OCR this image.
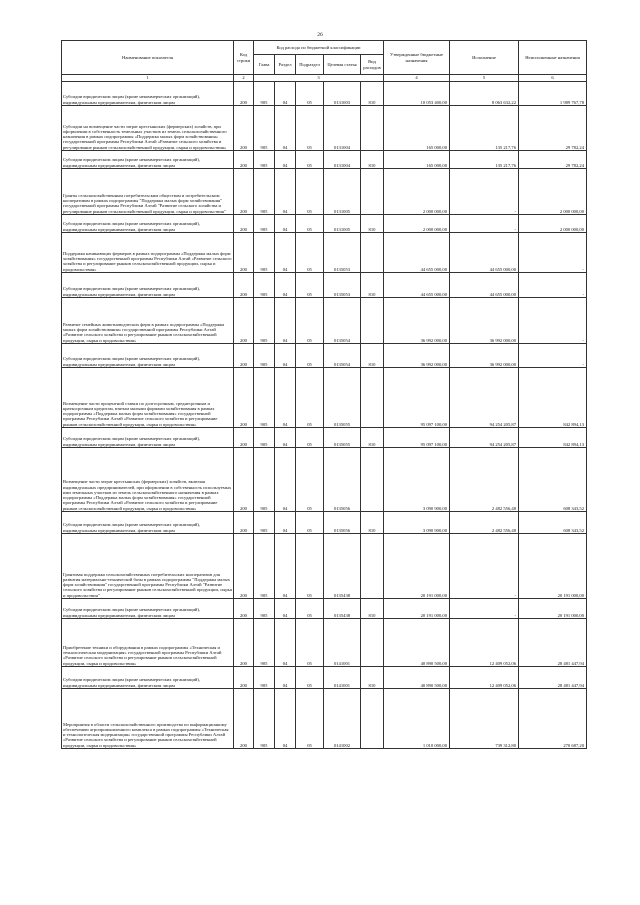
26
Наименование показателя	Код строки	Код расхода по бюджетной классификации					Утвержденные бюджетные назначения	Исполнение	Неисполненные назначения
		Глава	Раздел	Подраздел	Целевая статья	Вид расходов			
1	2	3					4	5	6
Субсидии юридическим лицам (кроме некоммерческих организаций), индивидуальным предпринимателям, физическим лицам	200	905	04	05	0131003	810	10 053 400,00	8 063 632,22	1 989 767,78
Субсидии на возмещение части затрат крестьянских (фермерских) хозяйств, при оформлении в собственность земельных участков из земель сельскохозяйственного назначения в рамках подпрограммы «Поддержка малых форм хозяйствования» государственной программы Республики Алтай «Развитие сельского хозяйства и регулирование рынков сельскохозяйственной продукции, сырья и продовольствия»	200	905	04	05	0131004		165 000,00	135 217,76	29 782,24
Субсидии юридическим лицам (кроме некоммерческих организаций), индивидуальным предпринимателям, физическим лицам	200	905	04	05	0131004	810	165 000,00	135 217,76	29 782,24
Гранты сельскохозяйственным потребительским обществам и потребительским кооперативам в рамках подпрограммы "Поддержка малых форм хозяйствования" государственной программы Республики Алтай "Развитие сельского хозяйства и регулирование рынков сельскохозяйственной продукции, сырья и продовольствия"	200	905	04	05	0131005		2 000 000,00	-	2 000 000,00
Субсидии юридическим лицам (кроме некоммерческих организаций), индивидуальным предпринимателям, физическим лицам	200	905	04	05	0131005	810	2 000 000,00	-	2 000 000,00
Поддержка начинающих фермеров в рамках подпрограммы «Поддержка малых форм хозяйствования» государственной программы Республики Алтай «Развитие сельского хозяйства и регулирование рынков сельскохозяйственной продукции, сырья и продовольствия»	200	905	04	05	0135053		44 655 000,00	44 655 000,00	-
Субсидии юридическим лицам (кроме некоммерческих организаций), индивидуальным предпринимателям, физическим лицам	200	905	04	05	0135053	810	44 655 000,00	44 655 000,00	-
Развитие семейных животноводческих ферм в рамках подпрограммы «Поддержка малых форм хозяйствования» государственной программы Республики Алтай «Развитие сельского хозяйства и регулирование рынков сельскохозяйственной продукции, сырья и продовольствия»	200	905	04	05	0135054		36 992 000,00	36 992 000,00	-
Субсидии юридическим лицам (кроме некоммерческих организаций), индивидуальным предпринимателям, физическим лицам	200	905	04	05	0135054	810	36 992 000,00	36 992 000,00	-
Возмещение части процентной ставки по долгосрочным, среднесрочным и краткосрочным кредитам, взятым малыми формами хозяйствования в рамках подпрограммы «Поддержка малых форм хозяйствования» государственной программы Республики Алтай «Развитие сельского хозяйства и регулирование рынков сельскохозяйственной продукции, сырья и продовольствия»	200	905	04	05	0135055		95 097 100,00	94 254 205,87	842 894,13
Субсидии юридическим лицам (кроме некоммерческих организаций), индивидуальным предпринимателям, физическим лицам	200	905	04	05	0135055	810	95 097 100,00	94 254 205,87	842 894,13
Возмещение части затрат крестьянских (фермерских) хозяйств, включая индивидуальных предпринимателей, при оформлении в собственность используемых ими земельных участков из земель сельскохозяйственного назначения в рамках подпрограммы «Поддержка малых форм хозяйствования» государственной программы Республики Алтай «Развитие сельского хозяйства и регулирование рынков сельскохозяйственной продукции, сырья и продовольствия»	200	905	04	05	0135056		3 090 900,00	2 482 556,48	608 343,52
Субсидии юридическим лицам (кроме некоммерческих организаций), индивидуальным предпринимателям, физическим лицам	200	905	04	05	0135056	810	3 090 900,00	2 482 556,48	608 343,52
Грантовая поддержка сельскохозяйственных потребительских кооперативов для развития материально-технической базы в рамках подпрограммы "Поддержка малых форм хозяйствования" государственной программы Республики Алтай "Развитие сельского хозяйства и регулирование рынков сельскохозяйственной продукции, сырья и продовольствия"	200	905	04	05	0135438		20 191 000,00	-	20 191 000,00
Субсидии юридическим лицам (кроме некоммерческих организаций), индивидуальным предпринимателям, физическим лицам	200	905	04	05	0135438	810	20 191 000,00	-	20 191 000,00
Приобретение техники и оборудования в рамках подпрограммы «Техническая и технологическая модернизация» государственной программы Республики Алтай «Развитие сельского хозяйства и регулирование рынков сельскохозяйственной продукции, сырья и продовольствия»	200	905	04	05	0141001		40 890 500,00	12 409 052,06	28 481 447,94
Субсидии юридическим лицам (кроме некоммерческих организаций), индивидуальным предпринимателям, физическим лицам	200	905	04	05	0141001	810	40 890 500,00	12 409 052,06	28 481 447,94
Мероприятия в области сельскохозяйственного производства по информационному обеспечению агропромышленного комплекса в рамках подпрограммы «Техническая и технологическая модернизация» государственной программы Республики Алтай «Развитие сельского хозяйства и регулирование рынков сельскохозяйственной продукции, сырья и продовольствия»	200	905	04	05	0141002		1 010 000,00	739 312,80	270 687,20
